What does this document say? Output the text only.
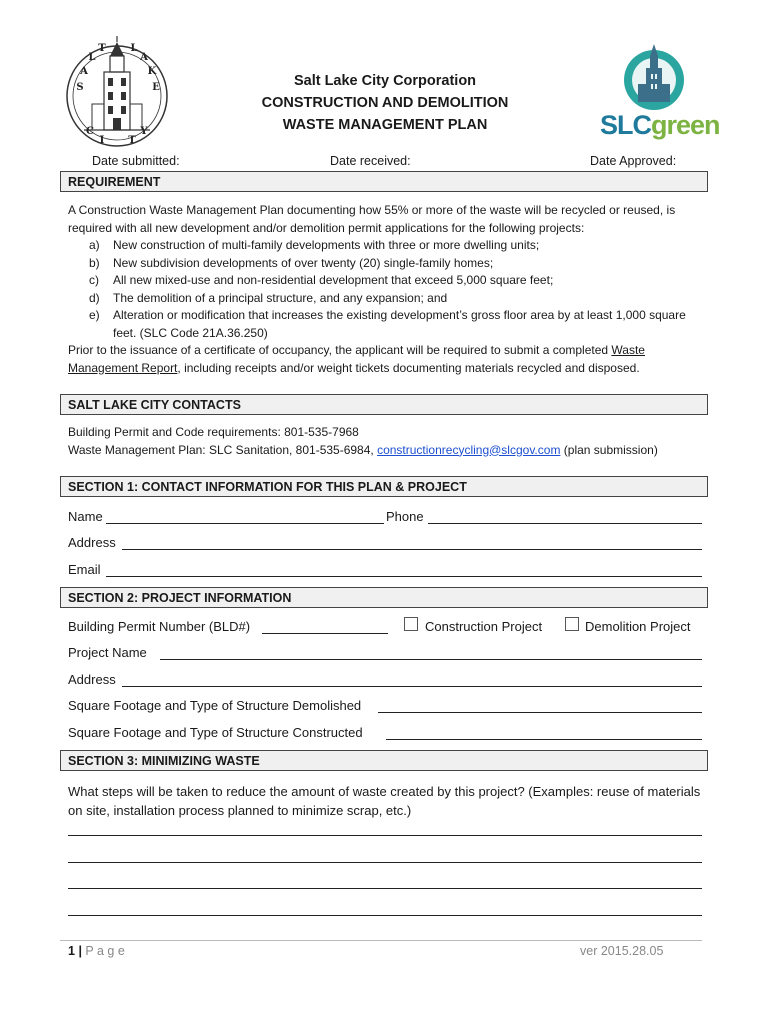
S
A
L
T L
A
K
E
C
I T
Y
Salt Lake City Corporation
CONSTRUCTION AND DEMOLITION
WASTE MANAGEMENT PLAN	SLCgreen
Date submitted:	Date received:	Date Approved:
REQUIREMENT

A Construction Waste Management Plan documenting how 55% or more of the waste will be recycled or reused, is required with all new development and/or demolition permit applications for the following projects:

a) New construction of multi-family developments with three or more dwelling units;
b) New subdivision developments of over twenty (20) single-family homes;
c) All new mixed-use and non-residential development that exceed 5,000 square feet;
d) The demolition of a principal structure, and any expansion; and
e) Alteration or modification that increases the existing development’s gross floor area by at least 1,000 square feet. (SLC Code 21A.36.250)

Prior to the issuance of a certificate of occupancy, the applicant will be required to submit a completed Waste Management Report, including receipts and/or weight tickets documenting materials recycled and disposed.

SALT LAKE CITY CONTACTS

Building Permit and Code requirements: 801-535-7968

Waste Management Plan: SLC Sanitation, 801-535-6984, constructionrecycling@slcgov.com (plan submission)

SECTION 1: CONTACT INFORMATION FOR THIS PLAN & PROJECT
Name	Phone
Address
Email
SECTION 2: PROJECT INFORMATION
Building Permit Number (BLD#)	Construction Project	Demolition Project
Project Name
Address
Square Footage and Type of Structure Demolished
Square Footage and Type of Structure Constructed
SECTION 3: MINIMIZING WASTE
What steps will be taken to reduce the amount of waste created by this project? (Examples: reuse of materials on site, installation process planned to minimize scrap, etc.)
1 | P a g e	ver 2015.28.05
